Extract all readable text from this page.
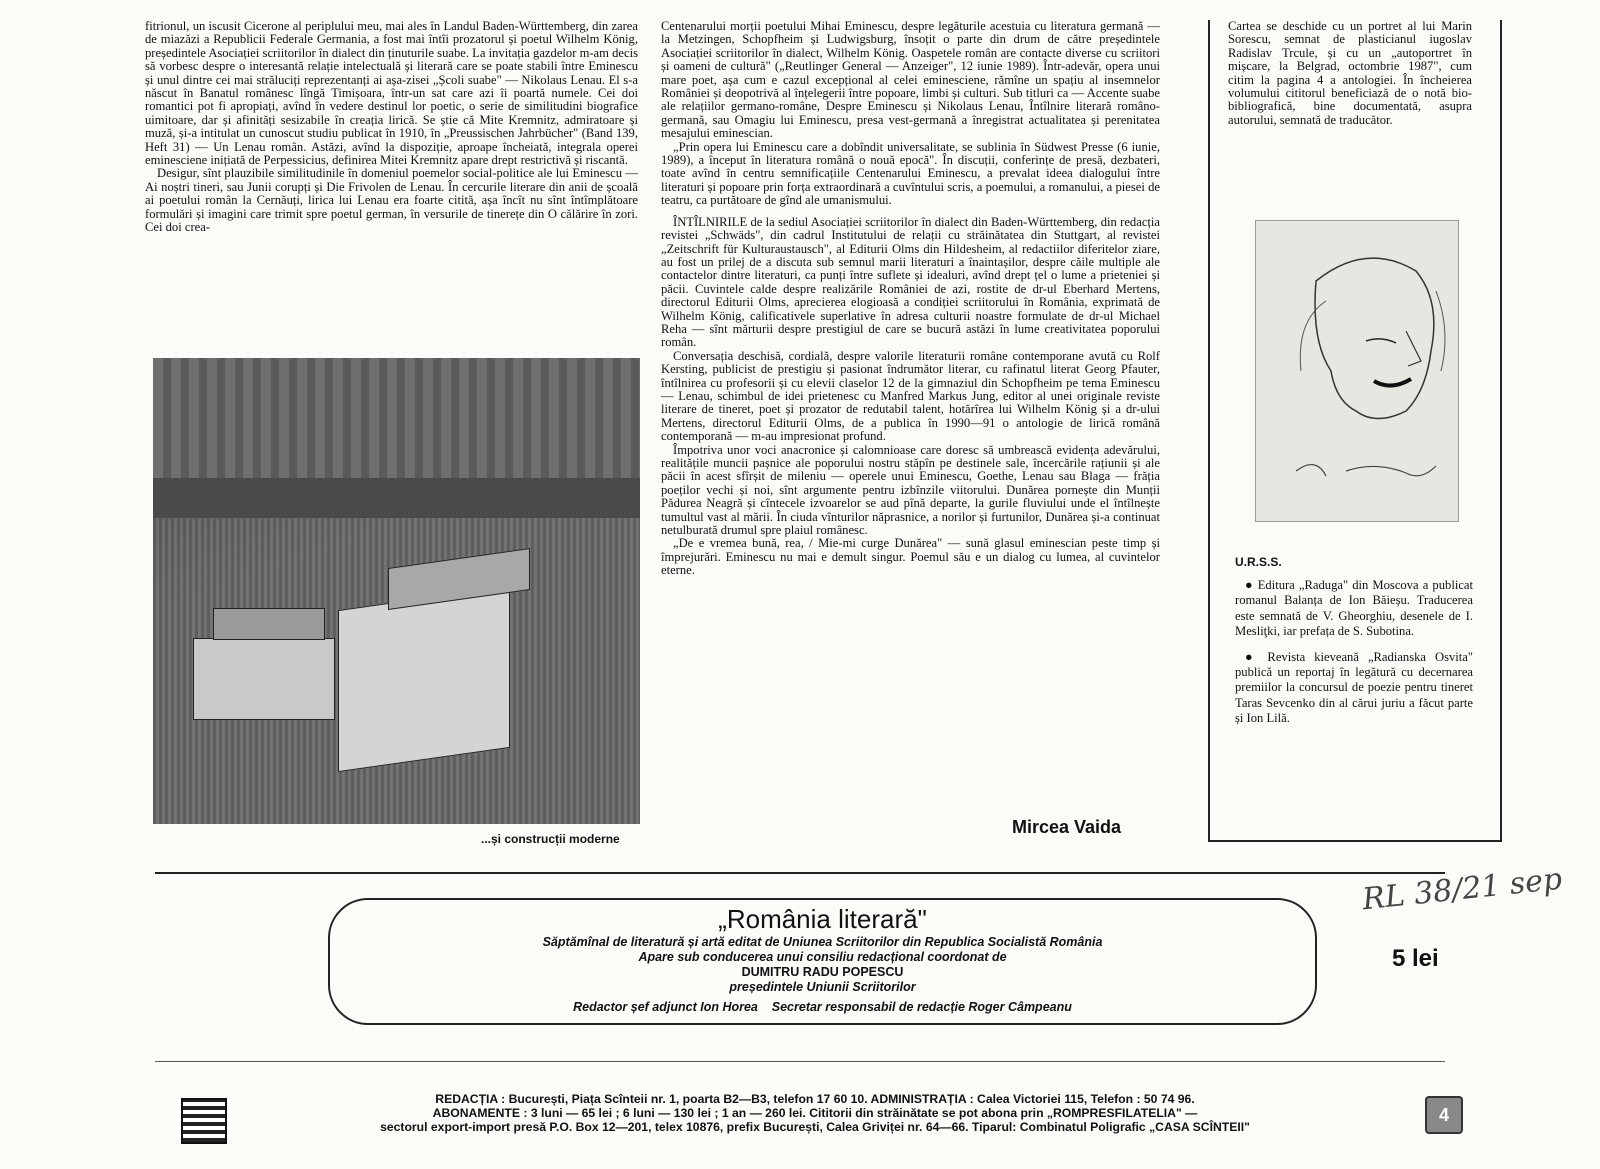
fitrionul, un iscusit Cicerone al periplului meu, mai ales în Landul Baden-Württemberg, din zarea de miazăzi a Republicii Federale Germania, a fost mai întîi prozatorul și poetul Wilhelm König, președintele Asociației scriitorilor în dialect din ținuturile suabe. La invitația gazdelor m-am decis să vorbesc despre o interesantă relație intelectuală și literară care se poate stabili între Eminescu și unul dintre cei mai străluciți reprezentanți ai așa-zisei „Școli suabe" — Nikolaus Lenau. El s-a născut în Banatul românesc lîngă Timișoara, într-un sat care azi îi poartă numele. Cei doi romantici pot fi apropiați, avînd în vedere destinul lor poetic, o serie de similitudini biografice uimitoare, dar și afinități sesizabile în creația lirică. Se știe că Mite Kremnitz, admiratoare și muză, și-a intitulat un cunoscut studiu publicat în 1910, în „Preussischen Jahrbücher" (Band 139, Heft 31) — Un Lenau român. Astăzi, avînd la dispoziție, aproape încheiată, integrala operei eminesciene inițiată de Perpessicius, definirea Mitei Kremnitz apare drept restrictivă și riscantă.

Desigur, sînt plauzibile similitudinile în domeniul poemelor social-politice ale lui Eminescu — Ai noștri tineri, sau Junii corupți și Die Frivolen de Lenau. În cercurile literare din anii de școală ai poetului român la Cernăuți, lirica lui Lenau era foarte citită, așa încît nu sînt întîmplătoare formulări și imagini care trimit spre poetul german, în versurile de tinerețe din O călărire în zori. Cei doi crea-

...și construcții moderne

Centenarului morții poetului Mihai Eminescu, despre legăturile acestuia cu literatura germană — la Metzingen, Schopfheim și Ludwigsburg, însoțit o parte din drum de către președintele Asociației scriitorilor în dialect, Wilhelm König. Oaspetele român are contacte diverse cu scriitori și oameni de cultură" („Reutlinger General — Anzeiger", 12 iunie 1989). Într-adevăr, opera unui mare poet, așa cum e cazul excepțional al celei eminesciene, rămîne un spațiu al insemnelor României și deopotrivă al înțelegerii între popoare, limbi și culturi. Sub titluri ca — Accente suabe ale relațiilor germano-române, Despre Eminescu și Nikolaus Lenau, Întîlnire literară româno-germană, sau Omagiu lui Eminescu, presa vest-germană a înregistrat actualitatea și perenitatea mesajului eminescian.

„Prin opera lui Eminescu care a dobîndit universalitate, se sublinia în Südwest Presse (6 iunie, 1989), a început în literatura română o nouă epocă". În discuții, conferințe de presă, dezbateri, toate avînd în centru semnificațiile Centenarului Eminescu, a prevalat ideea dialogului între literaturi și popoare prin forța extraordinară a cuvîntului scris, a poemului, a romanului, a piesei de teatru, ca purtătoare de gînd ale umanismului.

ÎNTÎLNIRILE de la sediul Asociației scriitorilor în dialect din Baden-Württemberg, din redacția revistei „Schwäds", din cadrul Institutului de relații cu străinătatea din Stuttgart, al revistei „Zeitschrift für Kulturaustausch", al Editurii Olms din Hildesheim, al redactiilor diferitelor ziare, au fost un prilej de a discuta sub semnul marii literaturi a înaintașilor, despre căile multiple ale contactelor dintre literaturi, ca punți între suflete și idealuri, avînd drept țel o lume a prieteniei și păcii. Cuvintele calde despre realizările României de azi, rostite de dr-ul Eberhard Mertens, directorul Editurii Olms, aprecierea elogioasă a condiției scriitorului în România, exprimată de Wilhelm König, calificativele superlative în adresa culturii noastre formulate de dr-ul Michael Reha — sînt mărturii despre prestigiul de care se bucură astăzi în lume creativitatea poporului român.

Conversația deschisă, cordială, despre valorile literaturii române contemporane avută cu Rolf Kersting, publicist de prestigiu și pasionat îndrumător literar, cu rafinatul literat Georg Pfauter, întîlnirea cu profesorii și cu elevii claselor 12 de la gimnaziul din Schopfheim pe tema Eminescu — Lenau, schimbul de idei prietenesc cu Manfred Markus Jung, editor al unei originale reviste literare de tineret, poet și prozator de redutabil talent, hotărîrea lui Wilhelm König și a dr-ului Mertens, directorul Editurii Olms, de a publica în 1990—91 o antologie de lirică română contemporană — m-au impresionat profund.

Împotriva unor voci anacronice și calomnioase care doresc să umbrească evidența adevărului, realitățile muncii pașnice ale poporului nostru stăpîn pe destinele sale, încercările rațiunii și ale păcii în acest sfîrșit de mileniu — operele unui Eminescu, Goethe, Lenau sau Blaga — frăția poeților vechi și noi, sînt argumente pentru izbînzile viitorului. Dunărea pornește din Munții Pădurea Neagră și cîntecele izvoarelor se aud pînă departe, la gurile fluviului unde el întîlnește tumultul vast al mării. În ciuda vînturilor năprasnice, a norilor și furtunilor, Dunărea și-a continuat netulburată drumul spre plaiul românesc.

„De e vremea bună, rea, / Mie-mi curge Dunărea" — sună glasul eminescian peste timp și împrejurări. Eminescu nu mai e demult singur. Poemul său e un dialog cu lumea, al cuvintelor eterne.

Mircea Vaida
Cartea se deschide cu un portret al lui Marin Sorescu, semnat de plasticianul iugoslav Radislav Trcule, și cu un „autoportret în mișcare, la Belgrad, octombrie 1987", cum citim la pagina 4 a antologiei. În încheierea volumului cititorul beneficiază de o notă bio-bibliografică, bine documentată, asupra autorului, semnată de traducător.
U.R.S.S.

● Editura „Raduga" din Moscova a publicat romanul Balanța de Ion Băieșu. Traducerea este semnată de V. Gheorghiu, desenele de I. Mesliţki, iar prefața de S. Subotina.

● Revista kieveană „Radianska Osvita" publică un reportaj în legătură cu decernarea premiilor la concursul de poezie pentru tineret Taras Sevcenko din al cărui juriu a făcut parte și Ion Lilă.

RL 38/21 sep
„România literară"
Săptămînal de literatură și artă editat de Uniunea Scriitorilor din Republica Socialistă România
Apare sub conducerea unui consiliu redacțional coordonat de
DUMITRU RADU POPESCU
președintele Uniunii Scriitorilor
Redactor șef adjunct Ion Horea    Secretar responsabil de redacție Roger Câmpeanu
5 lei
REDACȚIA : București, Piața Scînteii nr. 1, poarta B2—B3, telefon 17 60 10. ADMINISTRAȚIA : Calea Victoriei 115, Telefon : 50 74 96.
ABONAMENTE : 3 luni — 65 lei ; 6 luni — 130 lei ; 1 an — 260 lei. Cititorii din străinătate se pot abona prin „ROMPRESFILATELIA" —
sectorul export-import presă P.O. Box 12—201, telex 10876, prefix București, Calea Griviței nr. 64—66. Tiparul: Combinatul Poligrafic „CASA SCÎNTEII"
4
